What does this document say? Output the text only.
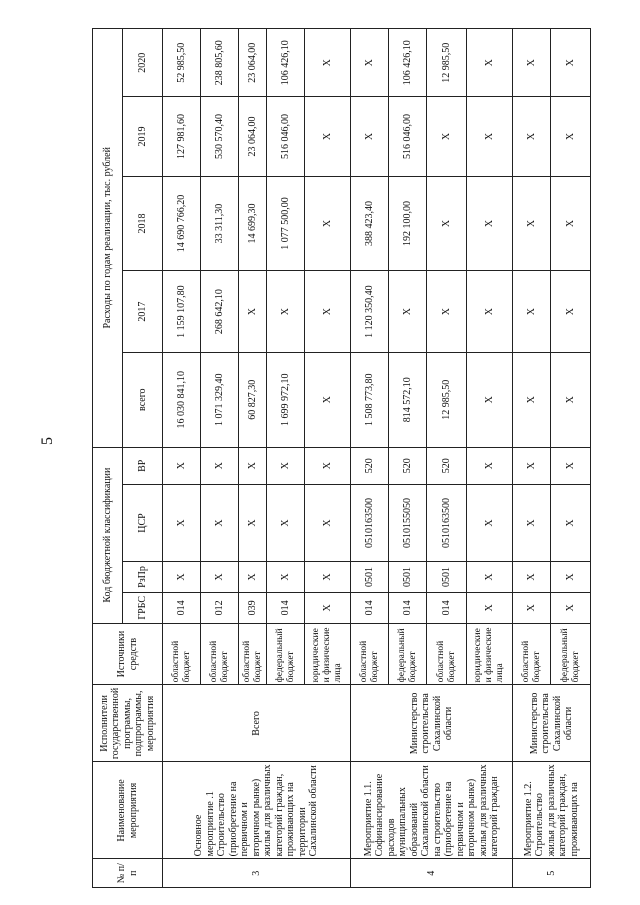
5
№ п/п	Наименование мероприятия	Исполнители государственной программы, подпрограммы, мероприятия	Источники средств	Код бюджетной классификации				Расходы по годам реализации, тыс. рублей				
				ГРБС	РзПр	ЦСР	ВР	всего	2017	2018	2019	2020
3	Основное мероприятие .1 Строительство (приобретение на первичном и вторичном рынке) жилья для различных категорий граждан, проживающих на территории Сахалинской области	Всего	областной бюджет	014	Х	Х	Х	16 030 841,10	1 159 107,80	14 690 766,20	127 981,60	52 985,50
			областной бюджет	012	Х	Х	Х	1 071 329,40	268 642,10	33 311,30	530 570,40	238 805,60
			областной бюджет	039	Х	Х	Х	60 827,30	Х	14 699,30	23 064,00	23 064,00
			федеральный бюджет	014	Х	Х	Х	1 699 972,10	Х	1 077 500,00	516 046,00	106 426,10
			юридические и физические лица	Х	Х	Х	Х	Х	Х	Х	Х	Х
4	Мероприятие 1.1. Софинансирование расходов муниципальных образований Сахалинской области на строительство (приобретение на первичном и вторичном рынке) жилья для различных категорий граждан	Министерство строительства Сахалинской области	областной бюджет	014	0501	0510163500	520	1 508 773,80	1 120 350,40	388 423,40	Х	Х
			федеральный бюджет	014	0501	0510155050	520	814 572,10	Х	192 100,00	516 046,00	106 426,10
			областной бюджет	014	0501	0510163500	520	12 985,50	Х	Х	Х	12 985,50
			юридические и физические лица	Х	Х	Х	Х	Х	Х	Х	Х	Х
5	Мероприятие 1.2. Строительство жилья для различных категорий граждан, проживающих на	Министерство строительства Сахалинской области	областной бюджет	Х	Х	Х	Х	Х	Х	Х	Х	Х
			федеральный бюджет	Х	Х	Х	Х	Х	Х	Х	Х	Х
